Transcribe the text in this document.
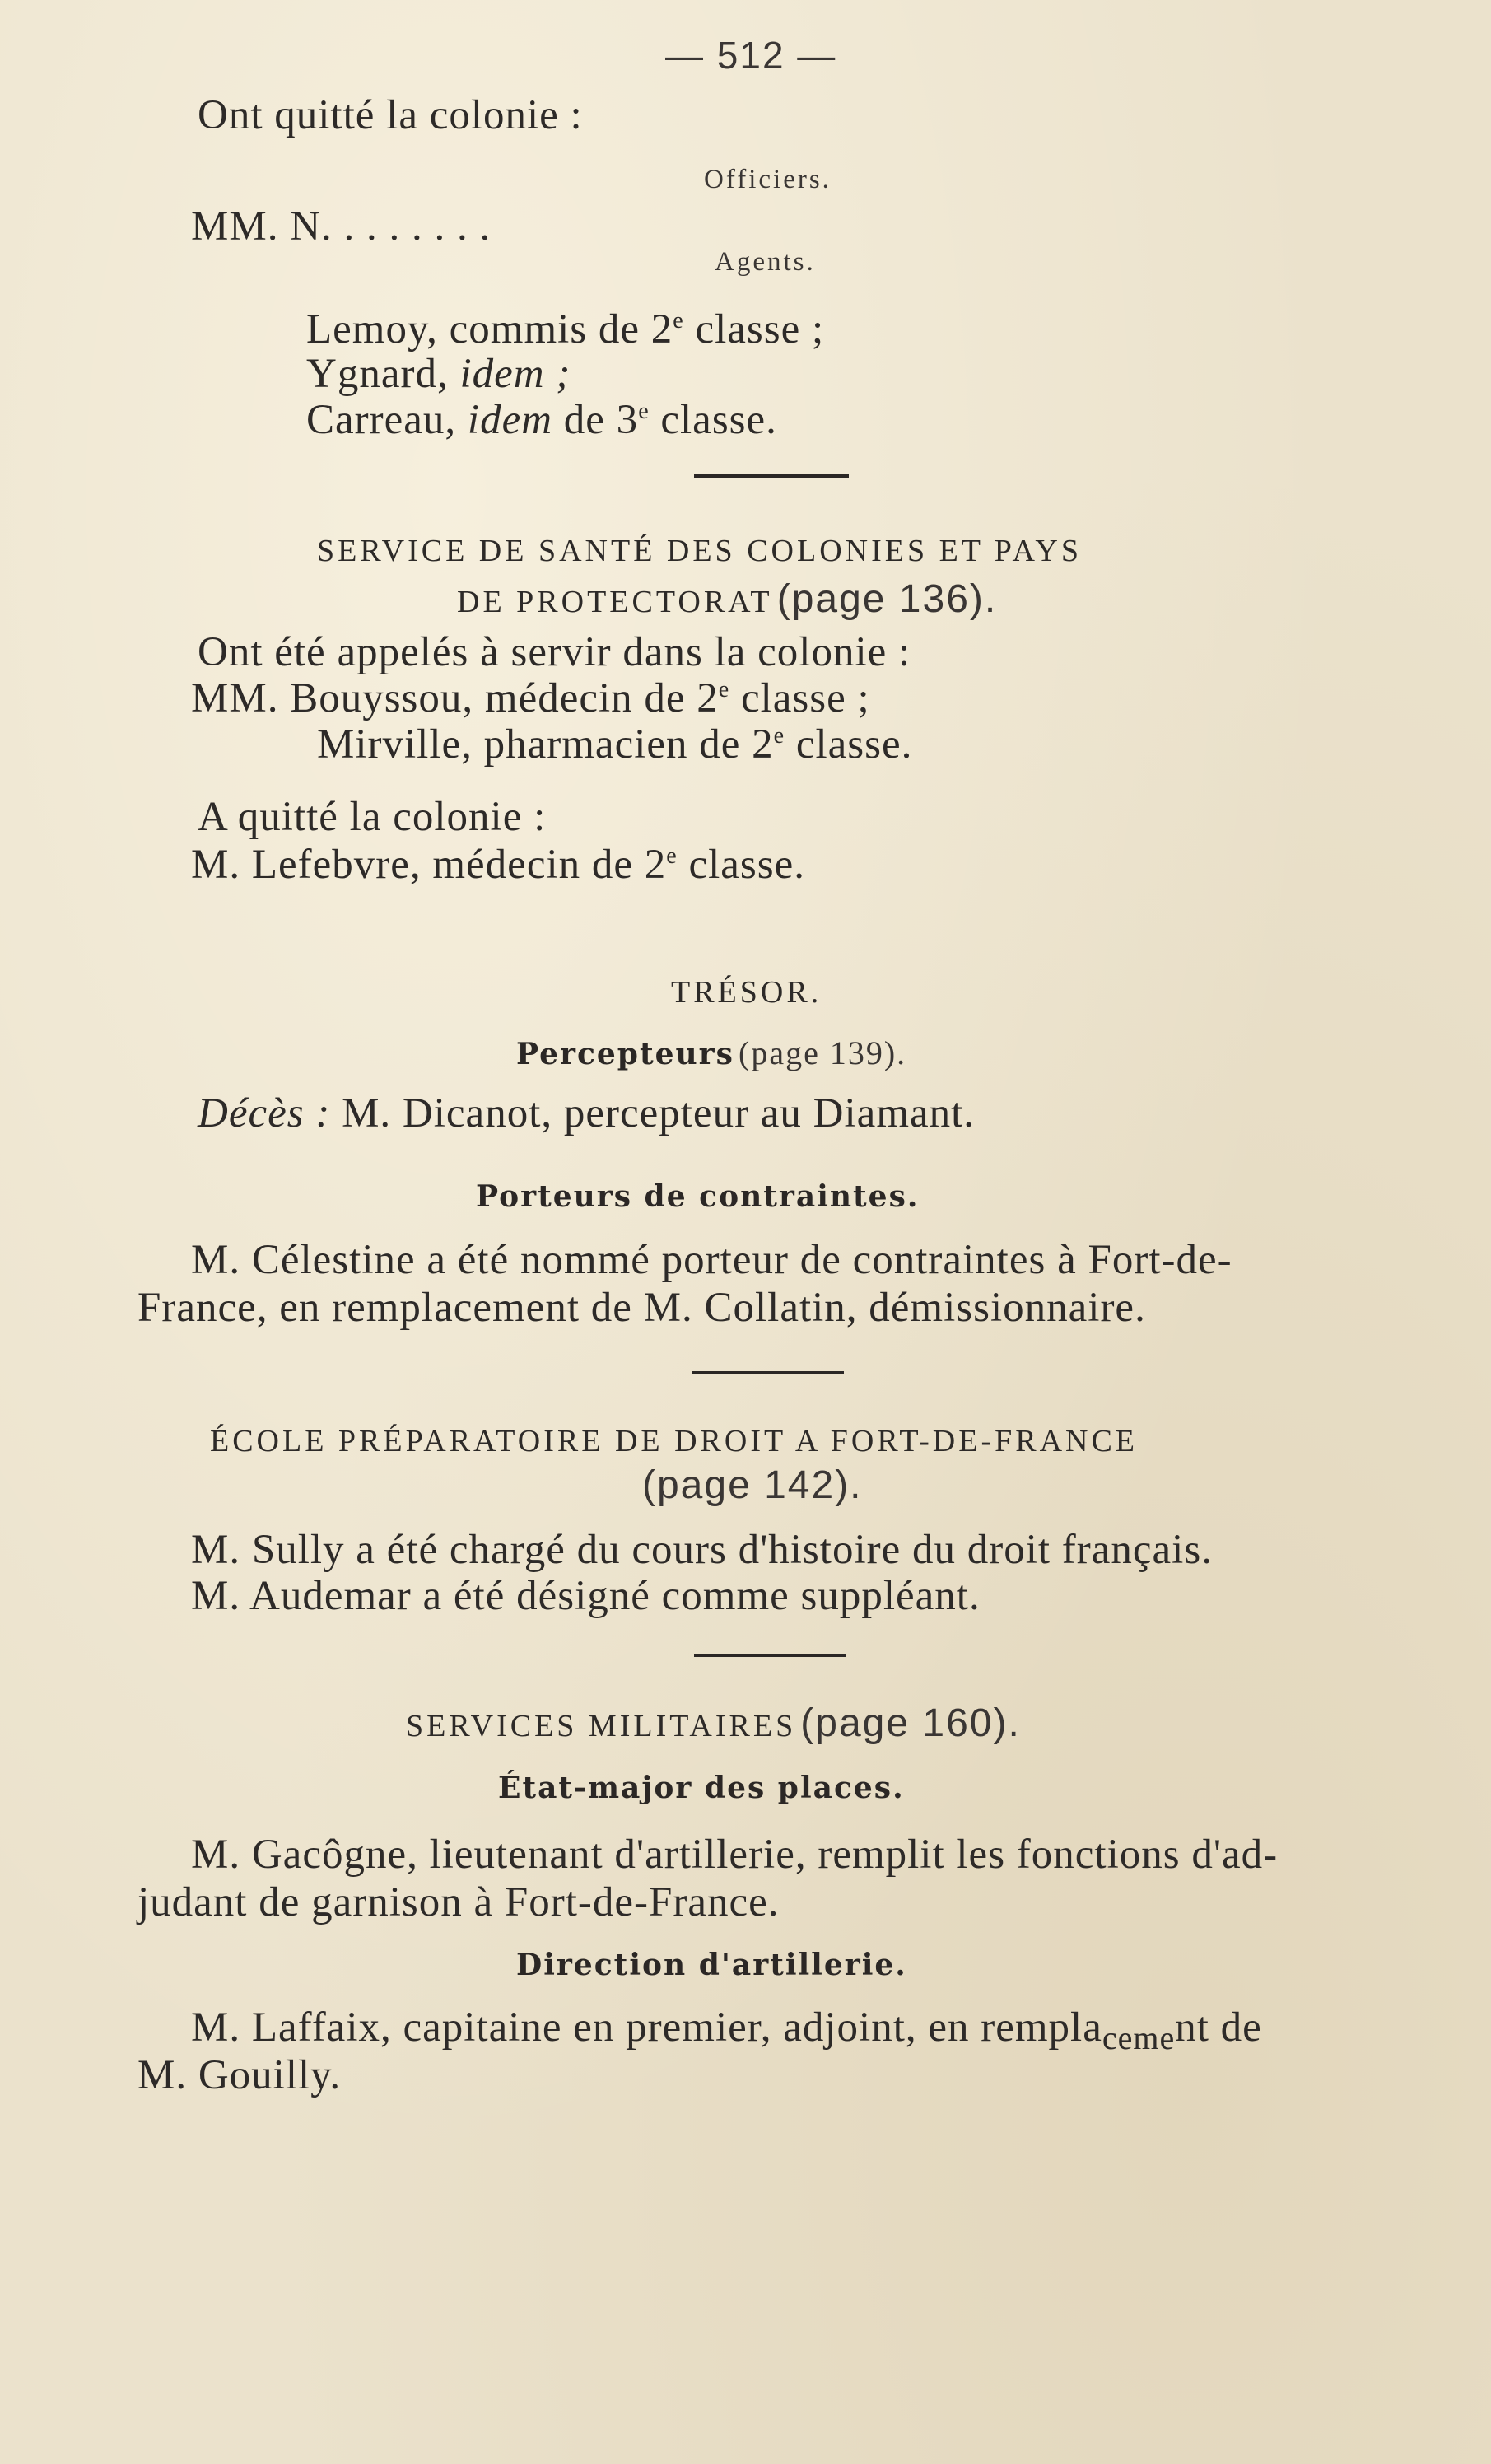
— 512 —
Ont quitté la colonie :
Officiers.
MM. N. . . . . . . .
Agents.
Lemoy, commis de 2e classe ;
Ygnard, idem ;
Carreau, idem de 3e classe.
SERVICE DE SANTÉ DES COLONIES ET PAYS
DE PROTECTORAT (page 136).
Ont été appelés à servir dans la colonie :
MM. Bouyssou, médecin de 2e classe ;
Mirville, pharmacien de 2e classe.
A quitté la colonie :
M. Lefebvre, médecin de 2e classe.
TRÉSOR.
Percepteurs (page 139).
Décès : M. Dicanot, percepteur au Diamant.
Porteurs de contraintes.
M. Célestine a été nommé porteur de contraintes à Fort-de-
France, en remplacement de M. Collatin, démissionnaire.
ÉCOLE PRÉPARATOIRE DE DROIT A FORT-DE-FRANCE
(page 142).
M. Sully a été chargé du cours d'histoire du droit français.
M. Audemar a été désigné comme suppléant.
SERVICES MILITAIRES (page 160).
État-major des places.
M. Gacôgne, lieutenant d'artillerie, remplit les fonctions d'ad-
judant de garnison à Fort-de-France.
Direction d'artillerie.
M. Laffaix, capitaine en premier, adjoint, en remplacement de
M. Gouilly.
